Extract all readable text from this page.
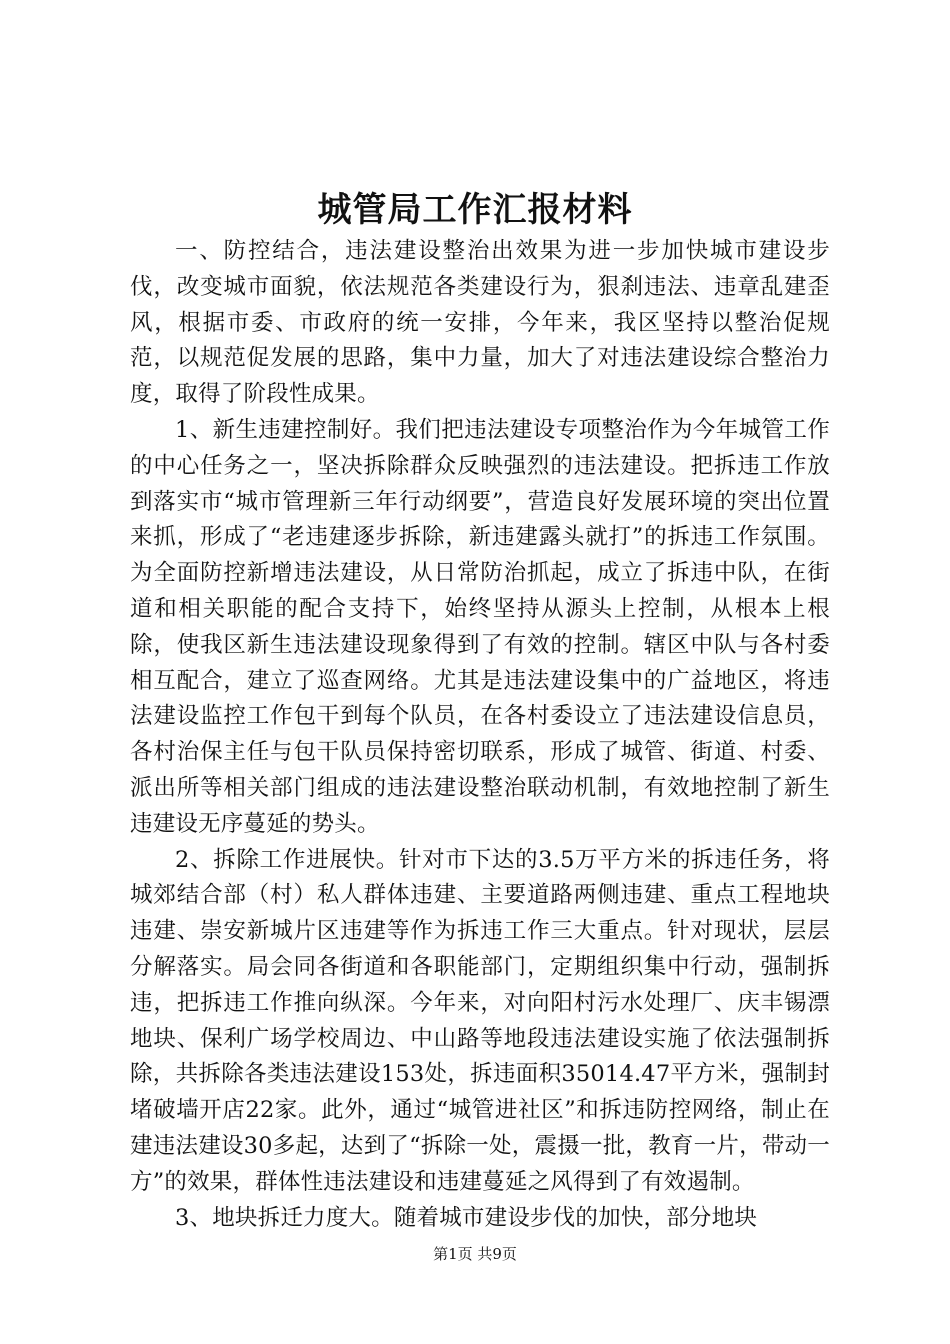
城管局工作汇报材料

一、防控结合，违法建设整治出效果为进一步加快城市建设步伐，改变城市面貌，依法规范各类建设行为，狠刹违法、违章乱建歪风，根据市委、市政府的统一安排，今年来，我区坚持以整治促规范，以规范促发展的思路，集中力量，加大了对违法建设综合整治力度，取得了阶段性成果。

1、新生违建控制好。我们把违法建设专项整治作为今年城管工作的中心任务之一，坚决拆除群众反映强烈的违法建设。把拆违工作放到落实市“城市管理新三年行动纲要”，营造良好发展环境的突出位置来抓，形成了“老违建逐步拆除，新违建露头就打”的拆违工作氛围。为全面防控新增违法建设，从日常防治抓起，成立了拆违中队，在街道和相关职能的配合支持下，始终坚持从源头上控制，从根本上根除，使我区新生违法建设现象得到了有效的控制。辖区中队与各村委相互配合，建立了巡查网络。尤其是违法建设集中的广益地区，将违法建设监控工作包干到每个队员，在各村委设立了违法建设信息员，各村治保主任与包干队员保持密切联系，形成了城管、街道、村委、派出所等相关部门组成的违法建设整治联动机制，有效地控制了新生违建设无序蔓延的势头。

2、拆除工作进展快。针对市下达的3.5万平方米的拆违任务，将城郊结合部（村）私人群体违建、主要道路两侧违建、重点工程地块违建、崇安新城片区违建等作为拆违工作三大重点。针对现状，层层分解落实。局会同各街道和各职能部门，定期组织集中行动，强制拆违，把拆违工作推向纵深。今年来，对向阳村污水处理厂、庆丰锡漂地块、保利广场学校周边、中山路等地段违法建设实施了依法强制拆除，共拆除各类违法建设153处，拆违面积35014.47平方米，强制封堵破墙开店22家。此外，通过“城管进社区”和拆违防控网络，制止在建违法建设30多起，达到了“拆除一处，震摄一批，教育一片，带动一方”的效果，群体性违法建设和违建蔓延之风得到了有效遏制。

3、地块拆迁力度大。随着城市建设步伐的加快，部分地块

第1页 共9页
